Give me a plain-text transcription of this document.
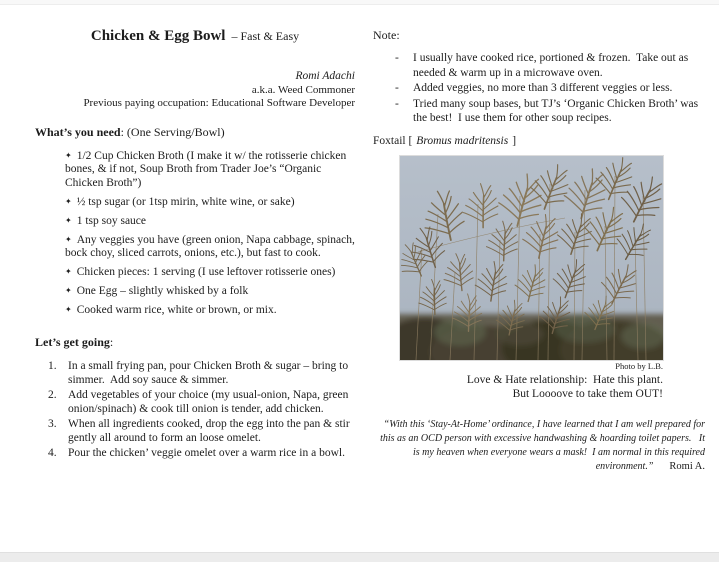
Chicken & Egg Bowl – Fast & Easy
Romi Adachi
a.k.a. Weed Commoner
Previous paying occupation: Educational Software Developer
What’s you need: (One Serving/Bowl)
✦ 1/2 Cup Chicken Broth (I make it w/ the rotisserie chicken bones, & if not, Soup Broth from Trader Joe’s “Organic Chicken Broth”)
✦ ½ tsp sugar (or 1tsp mirin, white wine, or sake)
✦ 1 tsp soy sauce
✦ Any veggies you have (green onion, Napa cabbage, spinach, bock choy, sliced carrots, onions, etc.), but fast to cook.
✦ Chicken pieces: 1 serving (I use leftover rotisserie ones)
✦ One Egg – slightly whisked by a folk
✦ Cooked warm rice, white or brown, or mix.
Let’s get going:
1. In a small frying pan, pour Chicken Broth & sugar – bring to simmer.  Add soy sauce & simmer.
2. Add vegetables of your choice (my usual-onion, Napa, green onion/spinach) & cook till onion is tender, add chicken.
3. When all ingredients cooked, drop the egg into the pan & stir gently all around to form an loose omelet.
4. Pour the chicken’ veggie omelet over a warm rice in a bowl.
Note:
- I usually have cooked rice, portioned & frozen.  Take out as needed & warm up in a microwave oven.
- Added veggies, no more than 3 different veggies or less.
- Tried many soup bases, but TJ’s ‘Organic Chicken Broth’ was the best!  I use them for other soup recipes.
Foxtail [ Bromus madritensis ]
Photo by L.B.
Love & Hate relationship:  Hate this plant.
But Loooove to take them OUT!
“With this ‘Stay-At-Home’ ordinance, I have learned that I am well prepared for this as an OCD person with excessive handwashing & hoarding toilet papers.   It is my heaven when everyone wears a mask!  I am normal in this required environment.” Romi A.
